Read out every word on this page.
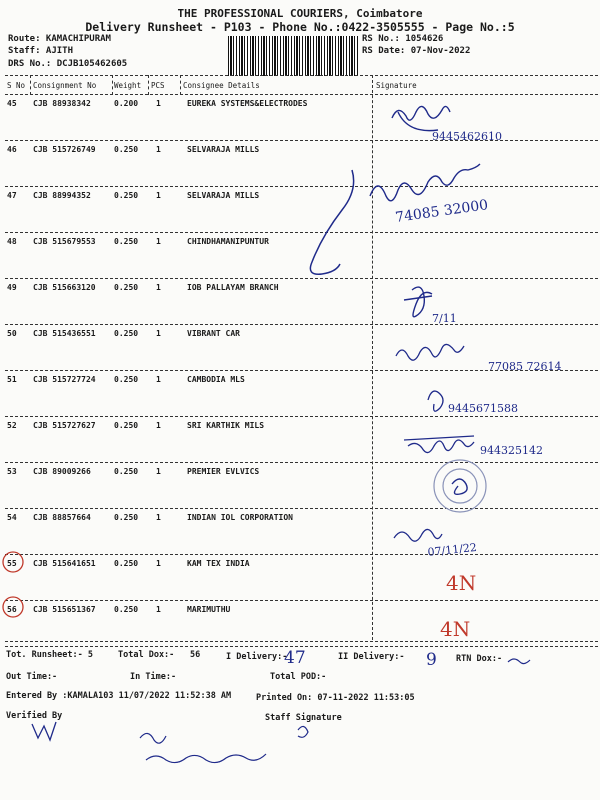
THE PROFESSIONAL COURIERS, Coimbatore
Delivery Runsheet - P103 - Phone No.:0422-3505555 - Page No.:5
Route: KAMACHIPURAM
Staff: AJITH
DRS No.: DCJB105462605
RS No.: 1054626
RS Date: 07-Nov-2022
S No Consignment No Weight PCS Consignee Details	Signature
45 CJB 88938342	0.200 1	EUREKA SYSTEMS&ELECTRODES
46 CJB 515726749 0.250 1	SELVARAJA MILLS
47 CJB 88994352	0.250 1	SELVARAJA MILLS
48 CJB 515679553 0.250 1	CHINDHAMANIPUNTUR
49 CJB 515663120 0.250 1	IOB PALLAYAM BRANCH
50 CJB 515436551 0.250 1	VIBRANT CAR
51 CJB 515727724 0.250 1	CAMBODIA MLS
52 CJB 515727627 0.250 1	SRI KARTHIK MILS
53 CJB 89009266	0.250 1	PREMIER EVLVICS
54 CJB 88857664	0.250 1	INDIAN IOL CORPORATION
55 CJB 515641651 0.250 1	KAM TEX INDIA
56 CJB 515651367 0.250 1	MARIMUTHU
Tot. Runsheet:- 5	Total Dox:- 56	I Delivery:-	II Delivery:-	RTN Dox:-
Out Time:-	In Time:-	Total POD:-
Entered By :KAMALA103 11/07/2022 11:52:38 AM	Printed On: 07-11-2022 11:53:05
Verified By	Staff Signature
9445462610
74085 32000
7/11
77085 72614
9445671588
944325142
07/11/22
4N
4N
47	9
